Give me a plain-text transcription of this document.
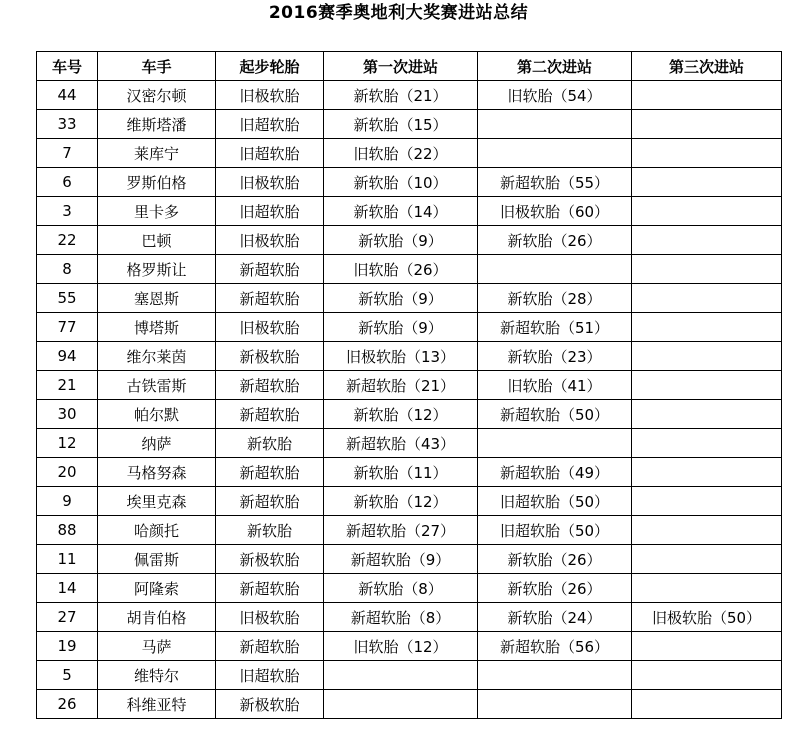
2016赛季奥地利大奖赛进站总结
车号	车手	起步轮胎	第一次进站	第二次进站	第三次进站
44	汉密尔顿	旧极软胎	新软胎（21）	旧软胎（54）	
33	维斯塔潘	旧超软胎	新软胎（15）		
7	莱库宁	旧超软胎	旧软胎（22）		
6	罗斯伯格	旧极软胎	新软胎（10）	新超软胎（55）	
3	里卡多	旧超软胎	新软胎（14）	旧极软胎（60）	
22	巴顿	旧极软胎	新软胎（9）	新软胎（26）	
8	格罗斯让	新超软胎	旧软胎（26）		
55	塞恩斯	新超软胎	新软胎（9）	新软胎（28）	
77	博塔斯	旧极软胎	新软胎（9）	新超软胎（51）	
94	维尔莱茵	新极软胎	旧极软胎（13）	新软胎（23）	
21	古铁雷斯	新超软胎	新超软胎（21）	旧软胎（41）	
30	帕尔默	新超软胎	新软胎（12）	新超软胎（50）	
12	纳萨	新软胎	新超软胎（43）		
20	马格努森	新超软胎	新软胎（11）	新超软胎（49）	
9	埃里克森	新超软胎	新软胎（12）	旧超软胎（50）	
88	哈颜托	新软胎	新超软胎（27）	旧超软胎（50）	
11	佩雷斯	新极软胎	新超软胎（9）	新软胎（26）	
14	阿隆索	新超软胎	新软胎（8）	新软胎（26）	
27	胡肯伯格	旧极软胎	新超软胎（8）	新软胎（24）	旧极软胎（50）
19	马萨	新超软胎	旧软胎（12）	新超软胎（56）	
5	维特尔	旧超软胎			
26	科维亚特	新极软胎			
